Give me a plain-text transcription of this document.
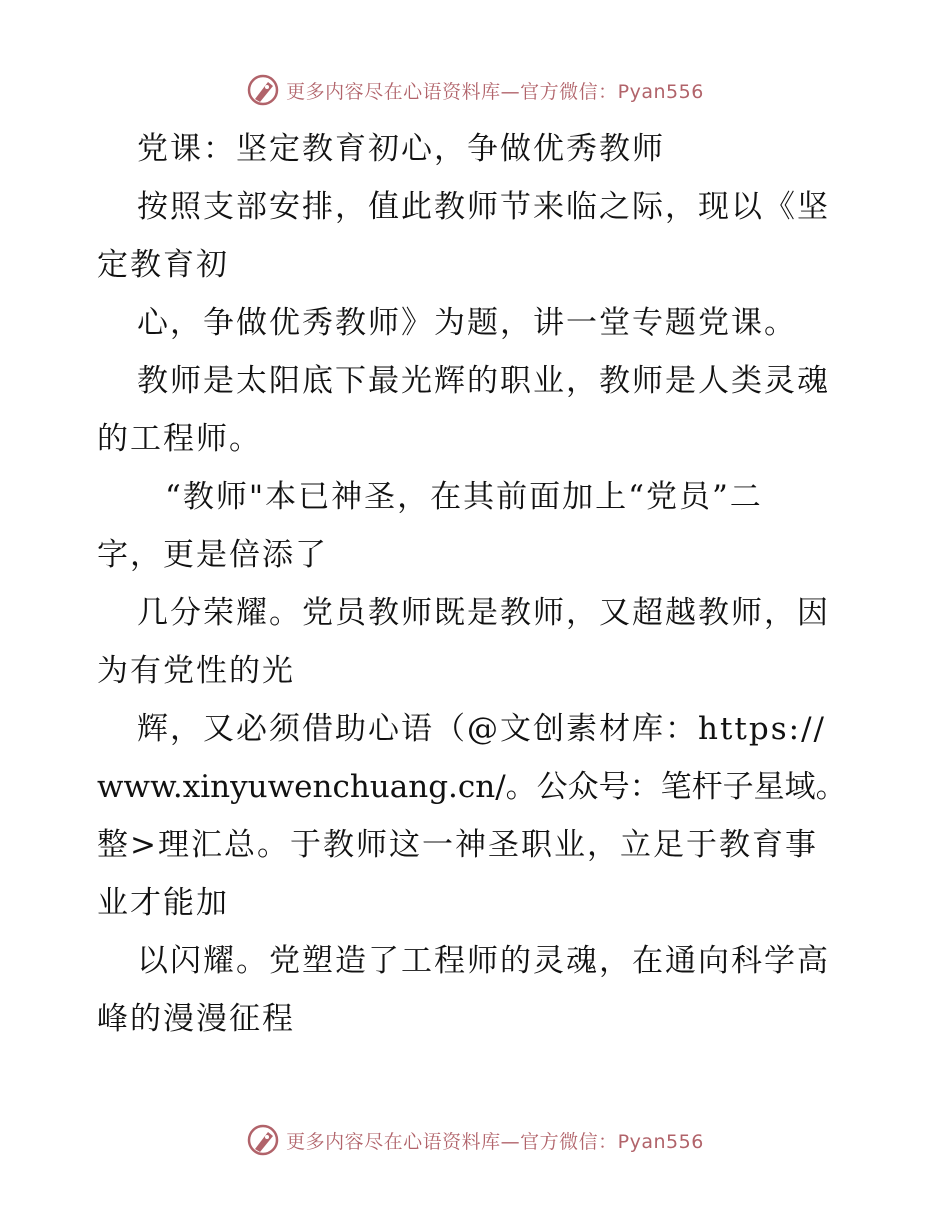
更多内容尽在心语资料库—官方微信：Pyan556
党课：坚定教育初心，争做优秀教师
按照支部安排，值此教师节来临之际，现以《坚
定教育初
心，争做优秀教师》为题，讲一堂专题党课。
教师是太阳底下最光辉的职业，教师是人类灵魂
的工程师。
“教师"本已神圣，在其前面加上“党员”二
字，更是倍添了
几分荣耀。党员教师既是教师，又超越教师，因
为有党性的光
辉，又必须借助心语（@文创素材库：https://
www.xinyuwenchuang.cn/。公众号：笔杆子星域。
整>理汇总。于教师这一神圣职业，立足于教育事
业才能加
以闪耀。党塑造了工程师的灵魂，在通向科学高
峰的漫漫征程
更多内容尽在心语资料库—官方微信：Pyan556
